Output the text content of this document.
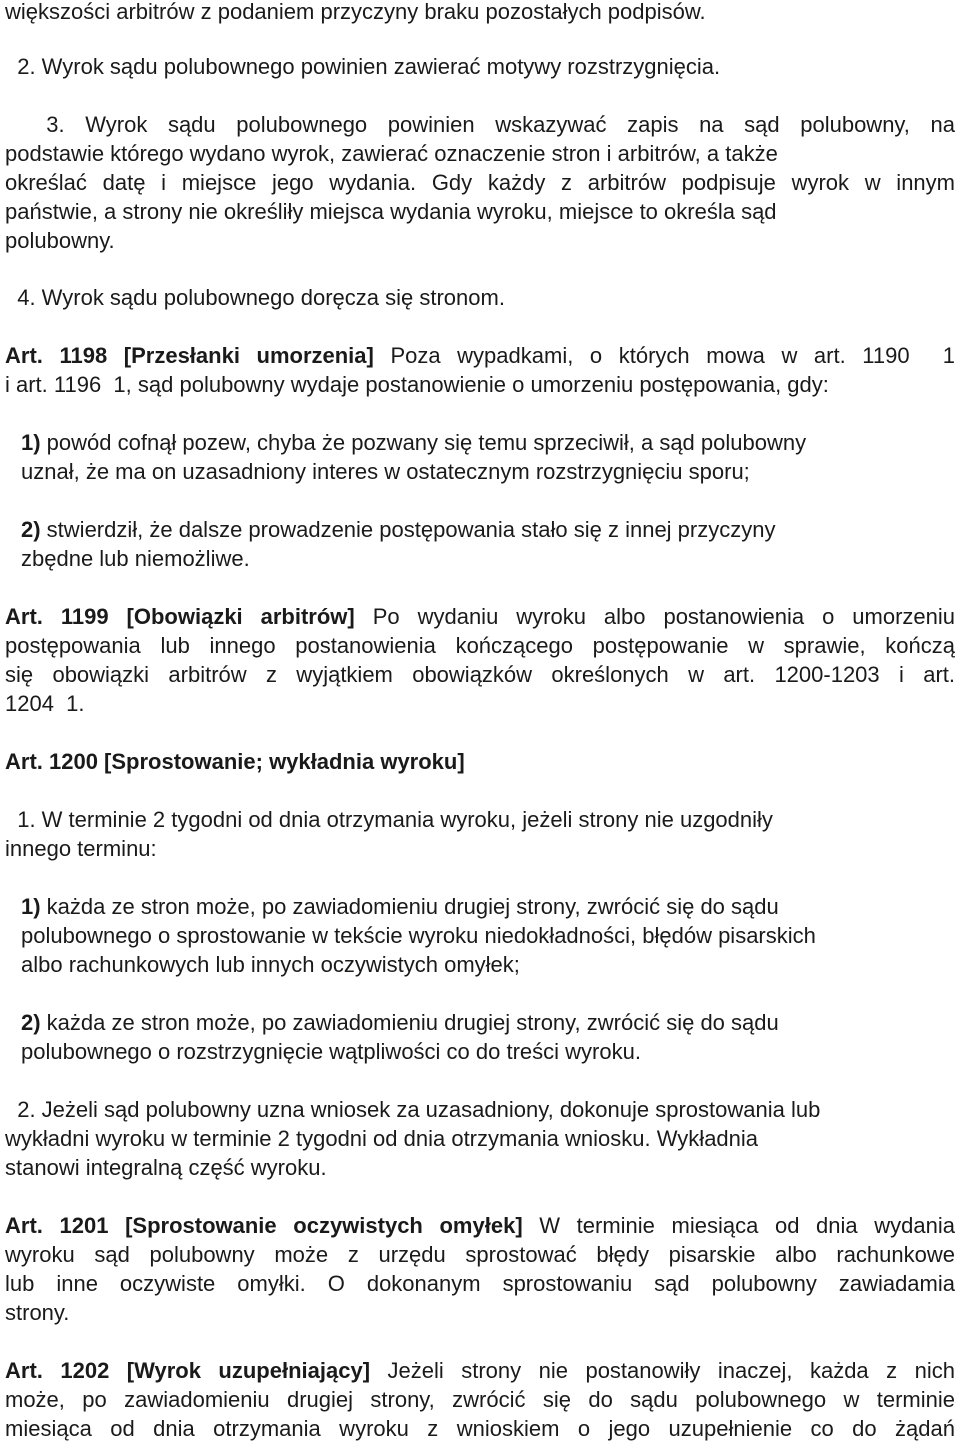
większości arbitrów z podaniem przyczyny braku pozostałych podpisów.
2. Wyrok sądu polubownego powinien zawierać motywy rozstrzygnięcia.
3. Wyrok sądu polubownego powinien wskazywać zapis na sąd polubowny, na
podstawie którego wydano wyrok, zawierać oznaczenie stron i arbitrów, a także
określać datę i miejsce jego wydania. Gdy każdy z arbitrów podpisuje wyrok w innym
państwie, a strony nie określiły miejsca wydania wyroku, miejsce to określa sąd
polubowny.
4. Wyrok sądu polubownego doręcza się stronom.
Art. 1198 [Przesłanki umorzenia] Poza wypadkami, o których mowa w art. 1190  1
i art. 1196  1, sąd polubowny wydaje postanowienie o umorzeniu postępowania, gdy:
1) powód cofnął pozew, chyba że pozwany się temu sprzeciwił, a sąd polubowny
uznał, że ma on uzasadniony interes w ostatecznym rozstrzygnięciu sporu;
2) stwierdził, że dalsze prowadzenie postępowania stało się z innej przyczyny
zbędne lub niemożliwe.
Art. 1199 [Obowiązki arbitrów] Po wydaniu wyroku albo postanowienia o umorzeniu
postępowania lub innego postanowienia kończącego postępowanie w sprawie, kończą
się obowiązki arbitrów z wyjątkiem obowiązków określonych w art. 1200-1203 i art.
1204  1.
Art. 1200 [Sprostowanie; wykładnia wyroku]
1. W terminie 2 tygodni od dnia otrzymania wyroku, jeżeli strony nie uzgodniły
innego terminu:
1) każda ze stron może, po zawiadomieniu drugiej strony, zwrócić się do sądu
polubownego o sprostowanie w tekście wyroku niedokładności, błędów pisarskich
albo rachunkowych lub innych oczywistych omyłek;
2) każda ze stron może, po zawiadomieniu drugiej strony, zwrócić się do sądu
polubownego o rozstrzygnięcie wątpliwości co do treści wyroku.
2. Jeżeli sąd polubowny uzna wniosek za uzasadniony, dokonuje sprostowania lub
wykładni wyroku w terminie 2 tygodni od dnia otrzymania wniosku. Wykładnia
stanowi integralną część wyroku.
Art. 1201 [Sprostowanie oczywistych omyłek] W terminie miesiąca od dnia wydania
wyroku sąd polubowny może z urzędu sprostować błędy pisarskie albo rachunkowe
lub inne oczywiste omyłki. O dokonanym sprostowaniu sąd polubowny zawiadamia
strony.
Art. 1202 [Wyrok uzupełniający] Jeżeli strony nie postanowiły inaczej, każda z nich
może, po zawiadomieniu drugiej strony, zwrócić się do sądu polubownego w terminie
miesiąca od dnia otrzymania wyroku z wnioskiem o jego uzupełnienie co do żądań
